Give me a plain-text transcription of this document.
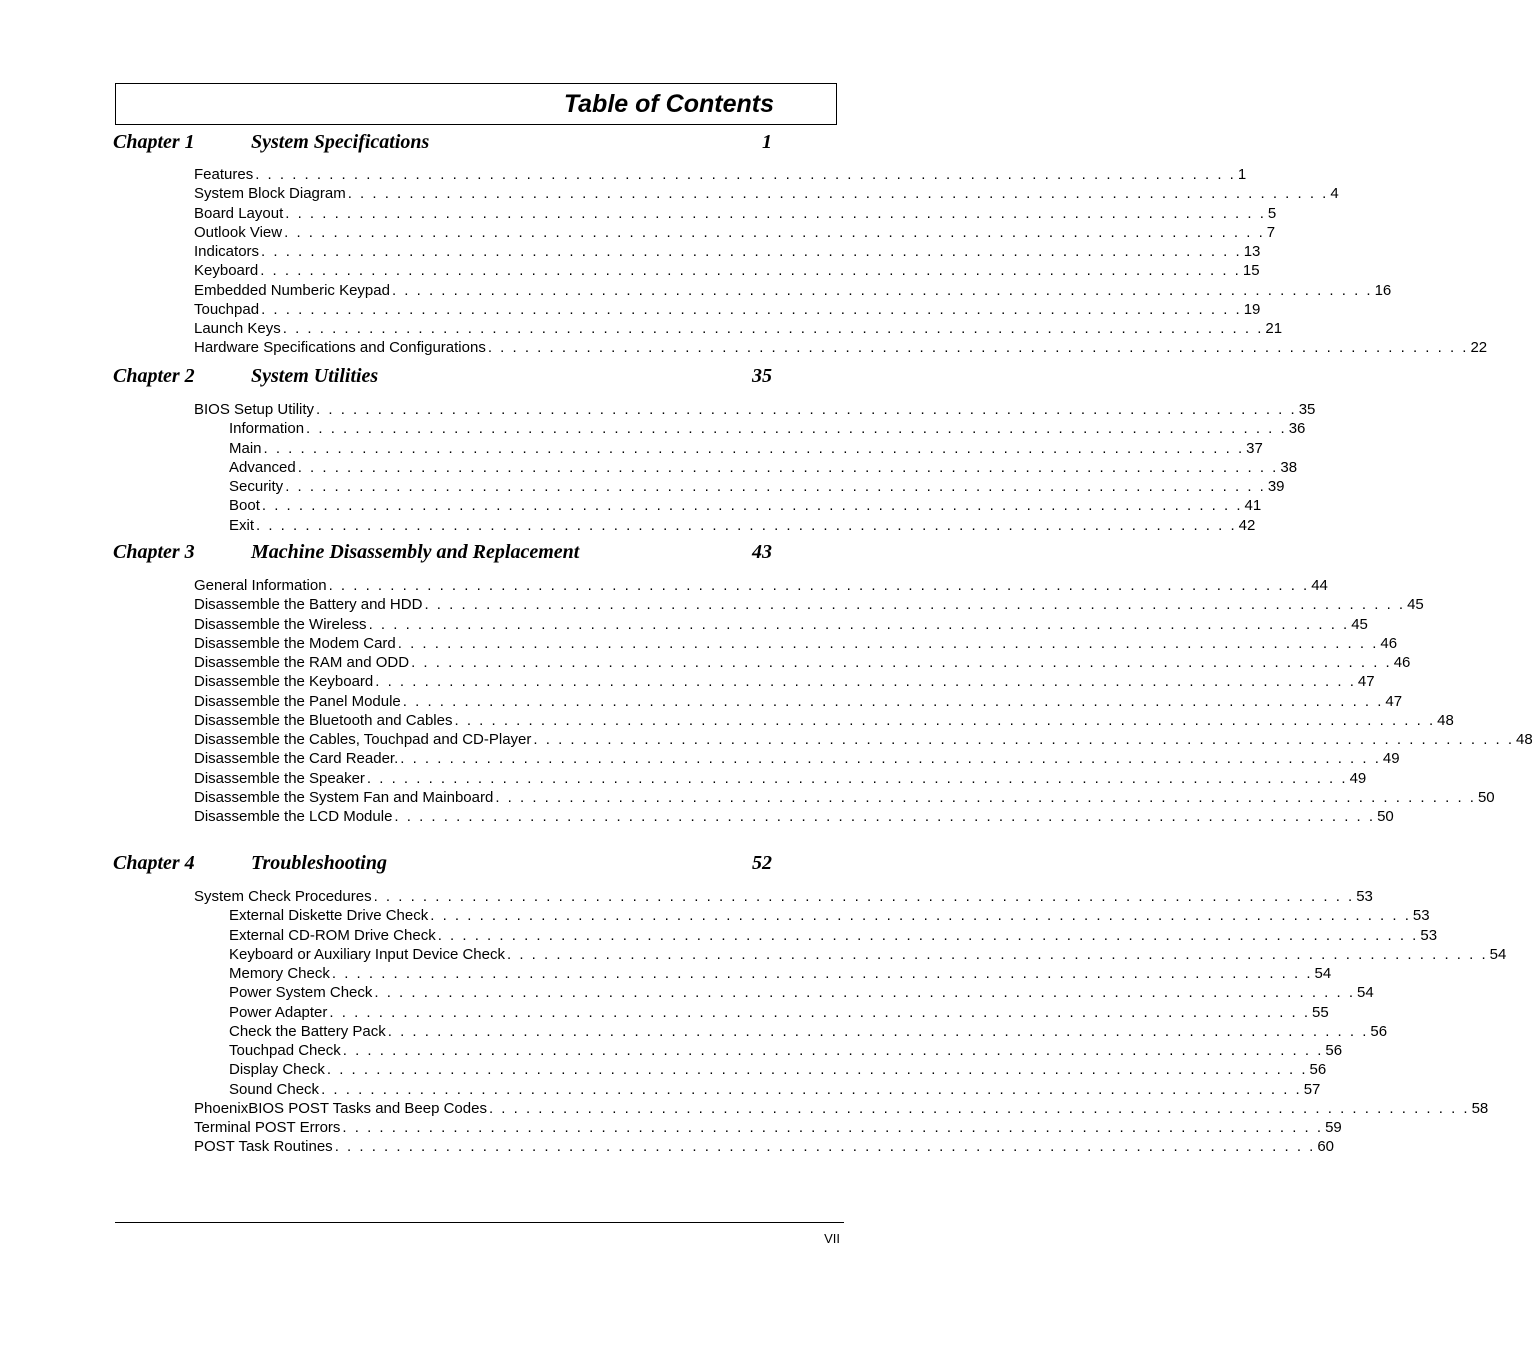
Table of Contents
Chapter 1	System Specifications	1
Features . . . . . . . . . . . . . . . . . . . . . . . . . . . . . . . . . . . . . . . . . . . . . . . . . . . . . . . . . . . . . . . . . . . . . . . . . . . . . . . . 1
System Block Diagram . . . . . . . . . . . . . . . . . . . . . . . . . . . . . . . . . . . . . . . . . . . . . . . . . . . . . . . . . . . . . . . . . . . . . . . . . . . . . . . . 4
Board Layout . . . . . . . . . . . . . . . . . . . . . . . . . . . . . . . . . . . . . . . . . . . . . . . . . . . . . . . . . . . . . . . . . . . . . . . . . . . . . . . . 5
Outlook View . . . . . . . . . . . . . . . . . . . . . . . . . . . . . . . . . . . . . . . . . . . . . . . . . . . . . . . . . . . . . . . . . . . . . . . . . . . . . . . . 7
Indicators . . . . . . . . . . . . . . . . . . . . . . . . . . . . . . . . . . . . . . . . . . . . . . . . . . . . . . . . . . . . . . . . . . . . . . . . . . . . . . . . 13
Keyboard . . . . . . . . . . . . . . . . . . . . . . . . . . . . . . . . . . . . . . . . . . . . . . . . . . . . . . . . . . . . . . . . . . . . . . . . . . . . . . . . 15
Embedded Numberic Keypad . . . . . . . . . . . . . . . . . . . . . . . . . . . . . . . . . . . . . . . . . . . . . . . . . . . . . . . . . . . . . . . . . . . . . . . . . . . . . . . . 16
Touchpad . . . . . . . . . . . . . . . . . . . . . . . . . . . . . . . . . . . . . . . . . . . . . . . . . . . . . . . . . . . . . . . . . . . . . . . . . . . . . . . . 19
Launch Keys . . . . . . . . . . . . . . . . . . . . . . . . . . . . . . . . . . . . . . . . . . . . . . . . . . . . . . . . . . . . . . . . . . . . . . . . . . . . . . . . 21
Hardware Specifications and Configurations . . . . . . . . . . . . . . . . . . . . . . . . . . . . . . . . . . . . . . . . . . . . . . . . . . . . . . . . . . . . . . . . . . . . . . . . . . . . . . . . 22
Chapter 2	System Utilities	35
BIOS Setup Utility . . . . . . . . . . . . . . . . . . . . . . . . . . . . . . . . . . . . . . . . . . . . . . . . . . . . . . . . . . . . . . . . . . . . . . . . . . . . . . . . 35
Information . . . . . . . . . . . . . . . . . . . . . . . . . . . . . . . . . . . . . . . . . . . . . . . . . . . . . . . . . . . . . . . . . . . . . . . . . . . . . . . . 36
Main . . . . . . . . . . . . . . . . . . . . . . . . . . . . . . . . . . . . . . . . . . . . . . . . . . . . . . . . . . . . . . . . . . . . . . . . . . . . . . . . 37
Advanced . . . . . . . . . . . . . . . . . . . . . . . . . . . . . . . . . . . . . . . . . . . . . . . . . . . . . . . . . . . . . . . . . . . . . . . . . . . . . . . . 38
Security . . . . . . . . . . . . . . . . . . . . . . . . . . . . . . . . . . . . . . . . . . . . . . . . . . . . . . . . . . . . . . . . . . . . . . . . . . . . . . . . 39
Boot . . . . . . . . . . . . . . . . . . . . . . . . . . . . . . . . . . . . . . . . . . . . . . . . . . . . . . . . . . . . . . . . . . . . . . . . . . . . . . . . 41
Exit . . . . . . . . . . . . . . . . . . . . . . . . . . . . . . . . . . . . . . . . . . . . . . . . . . . . . . . . . . . . . . . . . . . . . . . . . . . . . . . . 42
Chapter 3	Machine Disassembly and Replacement	43
General Information . . . . . . . . . . . . . . . . . . . . . . . . . . . . . . . . . . . . . . . . . . . . . . . . . . . . . . . . . . . . . . . . . . . . . . . . . . . . . . . . 44
Disassemble the Battery and HDD . . . . . . . . . . . . . . . . . . . . . . . . . . . . . . . . . . . . . . . . . . . . . . . . . . . . . . . . . . . . . . . . . . . . . . . . . . . . . . . . 45
Disassemble the Wireless . . . . . . . . . . . . . . . . . . . . . . . . . . . . . . . . . . . . . . . . . . . . . . . . . . . . . . . . . . . . . . . . . . . . . . . . . . . . . . . . 45
Disassemble the Modem Card . . . . . . . . . . . . . . . . . . . . . . . . . . . . . . . . . . . . . . . . . . . . . . . . . . . . . . . . . . . . . . . . . . . . . . . . . . . . . . . . 46
Disassemble the RAM and ODD . . . . . . . . . . . . . . . . . . . . . . . . . . . . . . . . . . . . . . . . . . . . . . . . . . . . . . . . . . . . . . . . . . . . . . . . . . . . . . . . 46
Disassemble the Keyboard . . . . . . . . . . . . . . . . . . . . . . . . . . . . . . . . . . . . . . . . . . . . . . . . . . . . . . . . . . . . . . . . . . . . . . . . . . . . . . . . 47
Disassemble the Panel Module . . . . . . . . . . . . . . . . . . . . . . . . . . . . . . . . . . . . . . . . . . . . . . . . . . . . . . . . . . . . . . . . . . . . . . . . . . . . . . . . 47
Disassemble the Bluetooth and Cables . . . . . . . . . . . . . . . . . . . . . . . . . . . . . . . . . . . . . . . . . . . . . . . . . . . . . . . . . . . . . . . . . . . . . . . . . . . . . . . . 48
Disassemble the Cables, Touchpad and CD-Player . . . . . . . . . . . . . . . . . . . . . . . . . . . . . . . . . . . . . . . . . . . . . . . . . . . . . . . . . . . . . . . . . . . . . . . . . . . . . . . . 48
Disassemble the Card Reader. . . . . . . . . . . . . . . . . . . . . . . . . . . . . . . . . . . . . . . . . . . . . . . . . . . . . . . . . . . . . . . . . . . . . . . . . . . . . . . . . 49
Disassemble the Speaker . . . . . . . . . . . . . . . . . . . . . . . . . . . . . . . . . . . . . . . . . . . . . . . . . . . . . . . . . . . . . . . . . . . . . . . . . . . . . . . . 49
Disassemble the System Fan and Mainboard . . . . . . . . . . . . . . . . . . . . . . . . . . . . . . . . . . . . . . . . . . . . . . . . . . . . . . . . . . . . . . . . . . . . . . . . . . . . . . . . 50
Disassemble the LCD Module . . . . . . . . . . . . . . . . . . . . . . . . . . . . . . . . . . . . . . . . . . . . . . . . . . . . . . . . . . . . . . . . . . . . . . . . . . . . . . . . 50
Chapter 4	Troubleshooting	52
System Check Procedures . . . . . . . . . . . . . . . . . . . . . . . . . . . . . . . . . . . . . . . . . . . . . . . . . . . . . . . . . . . . . . . . . . . . . . . . . . . . . . . . 53
External Diskette Drive Check . . . . . . . . . . . . . . . . . . . . . . . . . . . . . . . . . . . . . . . . . . . . . . . . . . . . . . . . . . . . . . . . . . . . . . . . . . . . . . . . 53
External CD-ROM Drive Check . . . . . . . . . . . . . . . . . . . . . . . . . . . . . . . . . . . . . . . . . . . . . . . . . . . . . . . . . . . . . . . . . . . . . . . . . . . . . . . . 53
Keyboard or Auxiliary Input Device Check . . . . . . . . . . . . . . . . . . . . . . . . . . . . . . . . . . . . . . . . . . . . . . . . . . . . . . . . . . . . . . . . . . . . . . . . . . . . . . . . 54
Memory Check . . . . . . . . . . . . . . . . . . . . . . . . . . . . . . . . . . . . . . . . . . . . . . . . . . . . . . . . . . . . . . . . . . . . . . . . . . . . . . . . 54
Power System Check . . . . . . . . . . . . . . . . . . . . . . . . . . . . . . . . . . . . . . . . . . . . . . . . . . . . . . . . . . . . . . . . . . . . . . . . . . . . . . . . 54
Power Adapter . . . . . . . . . . . . . . . . . . . . . . . . . . . . . . . . . . . . . . . . . . . . . . . . . . . . . . . . . . . . . . . . . . . . . . . . . . . . . . . . 55
Check the Battery Pack . . . . . . . . . . . . . . . . . . . . . . . . . . . . . . . . . . . . . . . . . . . . . . . . . . . . . . . . . . . . . . . . . . . . . . . . . . . . . . . . 56
Touchpad Check . . . . . . . . . . . . . . . . . . . . . . . . . . . . . . . . . . . . . . . . . . . . . . . . . . . . . . . . . . . . . . . . . . . . . . . . . . . . . . . . 56
Display Check . . . . . . . . . . . . . . . . . . . . . . . . . . . . . . . . . . . . . . . . . . . . . . . . . . . . . . . . . . . . . . . . . . . . . . . . . . . . . . . . 56
Sound Check . . . . . . . . . . . . . . . . . . . . . . . . . . . . . . . . . . . . . . . . . . . . . . . . . . . . . . . . . . . . . . . . . . . . . . . . . . . . . . . . 57
PhoenixBIOS POST Tasks and Beep Codes . . . . . . . . . . . . . . . . . . . . . . . . . . . . . . . . . . . . . . . . . . . . . . . . . . . . . . . . . . . . . . . . . . . . . . . . . . . . . . . . 58
Terminal POST Errors . . . . . . . . . . . . . . . . . . . . . . . . . . . . . . . . . . . . . . . . . . . . . . . . . . . . . . . . . . . . . . . . . . . . . . . . . . . . . . . . 59
POST Task Routines . . . . . . . . . . . . . . . . . . . . . . . . . . . . . . . . . . . . . . . . . . . . . . . . . . . . . . . . . . . . . . . . . . . . . . . . . . . . . . . . 60
VII
